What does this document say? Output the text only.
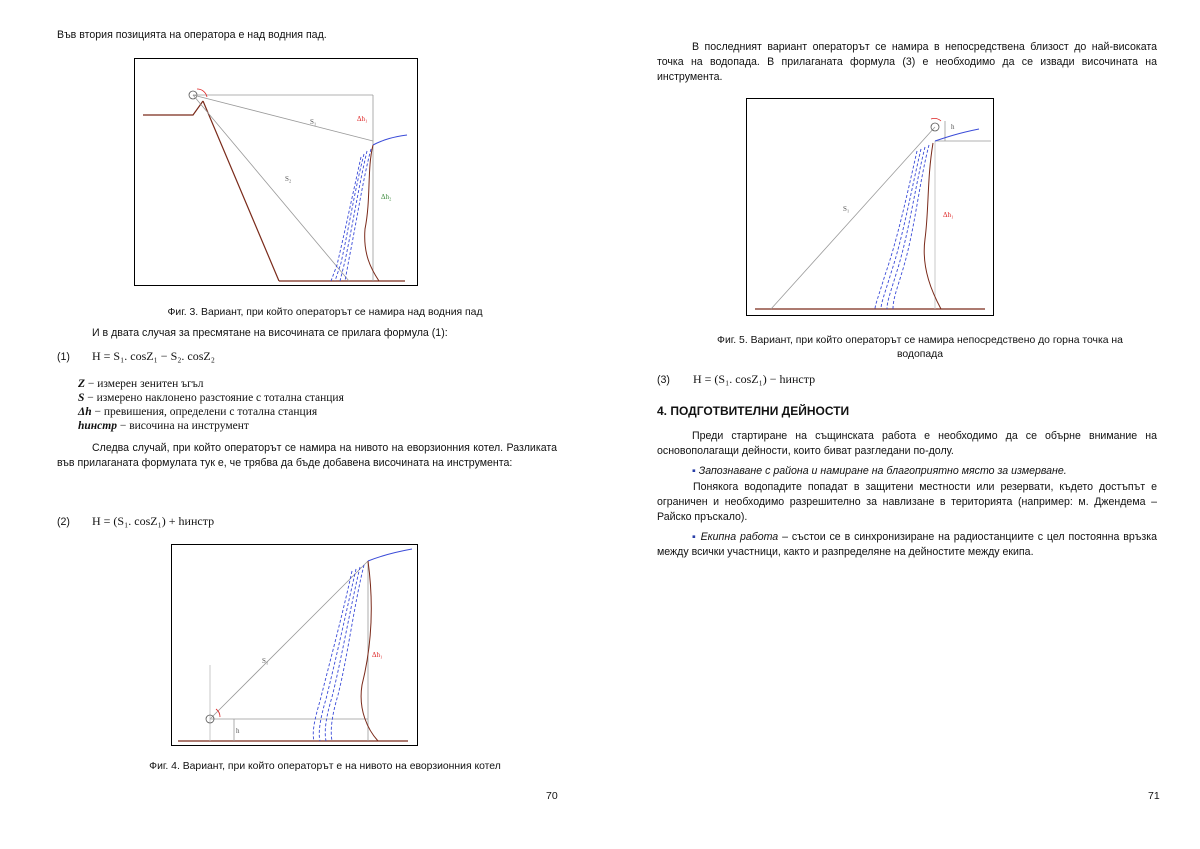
Във втория позицията на оператора е над водния пад.
S₁
S₂
Δh₁
Δh₂
Фиг. 3. Вариант, при който операторът се намира над водния пад
И в двата случая за пресмятане на височината се прилага формула (1):
(1) H = S₁. cosZ₁ − S₂. cosZ₂
Z − измерен зенитен ъгъл
S − измерено наклонено разстояние с тотална станция
Δh − превишения, определени с тотална станция
hинстр − височина на инструмент
Следва случай, при който операторът се намира на нивото на еворзионния котел. Разликата във прилаганата формулата тук е, че трябва да бъде добавена височината на инструмента:
(2) H = (S₁. cosZ₁) + hинстр
S₁
Δh₁
h
Фиг. 4. Вариант, при който операторът е на нивото на еворзионния котел
70
В последният вариант операторът се намира в непосредствена близост до най-високата точка на водопада. В прилаганата формула (3) е необходимо да се извади височината на инструмента.
S₁
Δh₁
h
Фиг. 5. Вариант, при който операторът се намира непосредствено до горна точка на
водопада
(3) H = (S₁. cosZ₁) − hинстр
4. ПОДГОТВИТЕЛНИ ДЕЙНОСТИ
Преди стартиране на същинската работа е необходимо да се обърне внимание на основополагащи дейности, които биват разгледани по-долу.
▪ Запознаване с района и намиране на благоприятно място за измерване.
Понякога водопадите попадат в защитени местности или резервати, където достъпът е ограничен и необходимо разрешително за навлизане в територията (например: м. Джендема – Райско пръскало).
▪ Екипна работа – състои се в синхронизиране на радиостанциите с цел постоянна връзка между всички участници, както и разпределяне на дейностите между екипа.
71
